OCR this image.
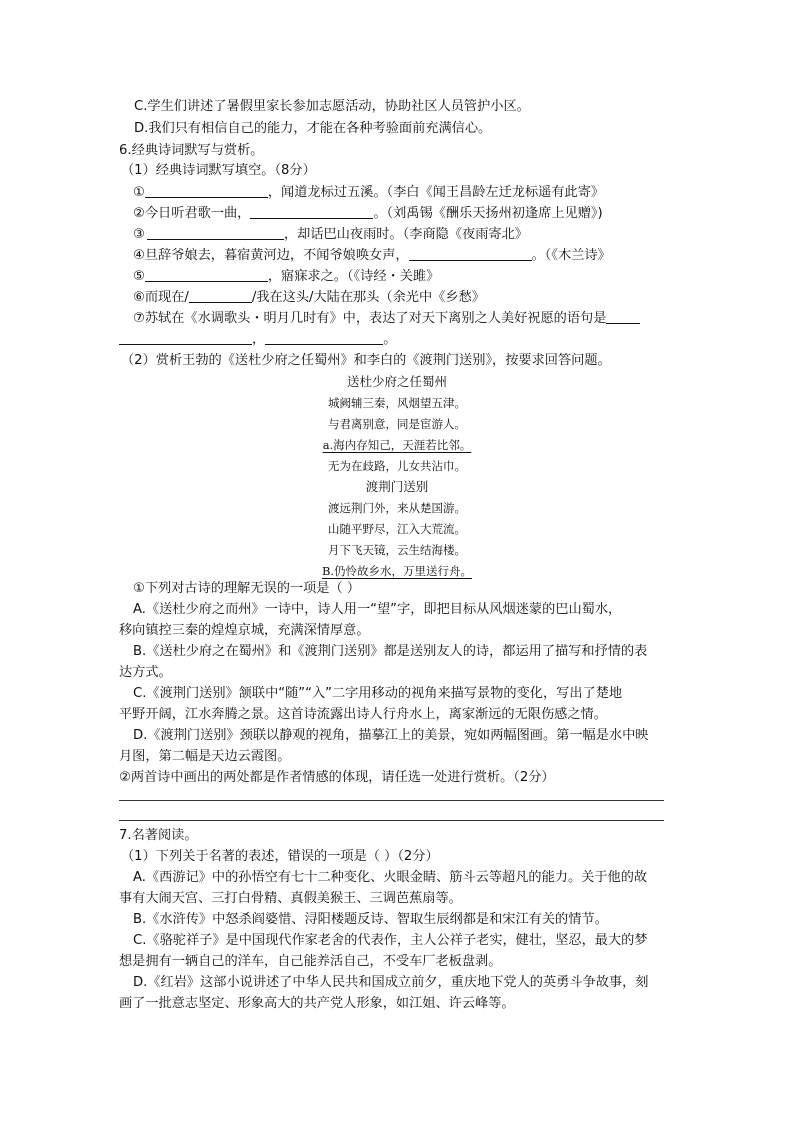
C.学生们讲述了暑假里家长参加志愿活动，协助社区人员管护小区。
D.我们只有相信自己的能力，才能在各种考验面前充满信心。
6.经典诗词默写与赏析。
（1）经典诗词默写填空。（8分）
①	，闻道龙标过五溪。（李白《闻王昌龄左迁龙标遥有此寄》
②今日听君歌一曲，	。（刘禹锡《酬乐天扬州初逢席上见赠》)
③	，却话巴山夜雨时。（李商隐《夜雨寄北》
④旦辞爷娘去，暮宿黄河边，不闻爷娘唤女声，	。（《木兰诗》
⑤	，寤寐求之。（《诗经・关雎》
⑥而现在/	/我在这头/大陆在那头（余光中《乡愁》
⑦苏轼在《水调歌头・明月几时有》中，表达了对天下离别之人美好祝愿的语句是
，	。
（2）赏析王勃的《送杜少府之任蜀州》和李白的《渡荆门送别》，按要求回答问题。
送杜少府之任蜀州
城阙辅三秦，风烟望五津。
与君离别意，同是宦游人。
a.海内存知己，天涯若比邻。
无为在歧路，儿女共沾巾。
渡荆门送别
渡远荆门外，来从楚国游。
山随平野尽，江入大荒流。
月下飞天镜，云生结海楼。
B.仍怜故乡水，万里送行舟。
①下列对古诗的理解无误的一项是（ ）
A.《送杜少府之而州》一诗中，诗人用一“望”字，即把目标从风烟迷蒙的巴山蜀水，
移向镇控三秦的煌煌京城，充满深情厚意。
B.《送杜少府之在蜀州》和《渡荆门送别》都是送别友人的诗，都运用了描写和抒情的表
达方式。
C.《渡荆门送别》颔联中“随”“入”二字用移动的视角来描写景物的变化，写出了楚地
平野开阔，江水奔腾之景。这首诗流露出诗人行舟水上，离家渐远的无限伤感之情。
D.《渡荆门送别》颈联以静观的视角，描摹江上的美景，宛如两幅图画。第一幅是水中映
月图，第二幅是天边云霞图。
②两首诗中画出的两处都是作者情感的体现，请任选一处进行赏析。（2分）
7.名著阅读。
（1）下列关于名著的表述，错误的一项是（ ）（2分）
A.《西游记》中的孙悟空有七十二种变化、火眼金睛、筋斗云等超凡的能力。关于他的故
事有大闹天宫、三打白骨精、真假美猴王、三调芭蕉扇等。
B.《水浒传》中怒杀阎婆惜、浔阳楼题反诗、智取生辰纲都是和宋江有关的情节。
C.《骆驼祥子》是中国现代作家老舍的代表作，主人公祥子老实，健壮，坚忍，最大的梦
想是拥有一辆自己的洋车，自己能养活自己，不受车厂老板盘剥。
D.《红岩》这部小说讲述了中华人民共和国成立前夕，重庆地下党人的英勇斗争故事，刻
画了一批意志坚定、形象高大的共产党人形象，如江姐、许云峰等。
